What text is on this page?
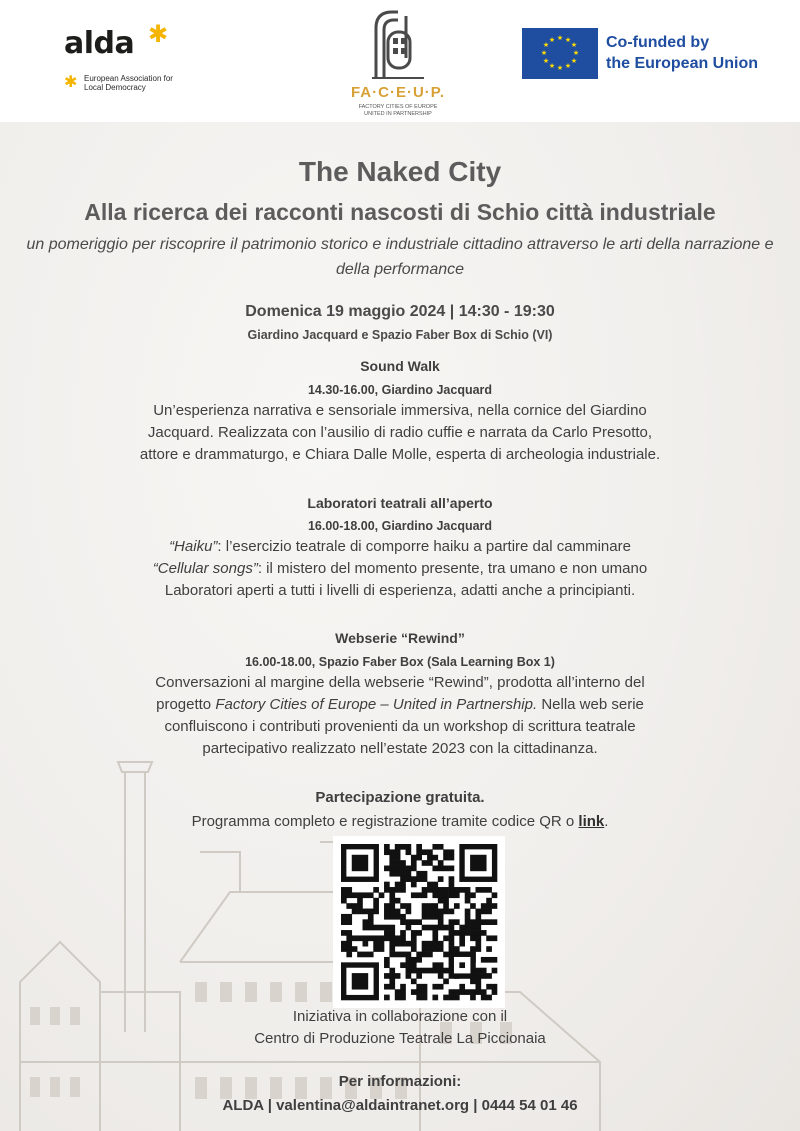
alda ✱
✱ European Association for Local Democracy	FA·C·E·U·P.
FACTORY CITIES OF EUROPE UNITED IN PARTNERSHIP
★ ★
★
★
★
★
★
★
★
★
★
★	Co-funded by
the European Union
The Naked City
Alla ricerca dei racconti nascosti di Schio città industriale
un pomeriggio per riscoprire il patrimonio storico e industriale cittadino attraverso le arti della narrazione e della performance
Domenica 19 maggio 2024 | 14:30 - 19:30
Giardino Jacquard e Spazio Faber Box di Schio (VI)
Sound Walk
14.30-16.00, Giardino Jacquard
Un’esperienza narrativa e sensoriale immersiva, nella cornice del Giardino
Jacquard. Realizzata con l’ausilio di radio cuffie e narrata da Carlo Presotto,
attore e drammaturgo, e Chiara Dalle Molle, esperta di archeologia industriale.
Laboratori teatrali all’aperto
16.00-18.00, Giardino Jacquard
“Haiku”: l’esercizio teatrale di comporre haiku a partire dal camminare
“Cellular songs”: il mistero del momento presente, tra umano e non umano
Laboratori aperti a tutti i livelli di esperienza, adatti anche a principianti.
Webserie “Rewind”
16.00-18.00, Spazio Faber Box (Sala Learning Box 1)
Conversazioni al margine della webserie “Rewind”, prodotta all’interno del
progetto Factory Cities of Europe – United in Partnership. Nella web serie
confluiscono i contributi provenienti da un workshop di scrittura teatrale
partecipativo realizzato nell’estate 2023 con la cittadinanza.
Partecipazione gratuita.
Programma completo e registrazione tramite codice QR o link.
Iniziativa in collaborazione con il
Centro di Produzione Teatrale La Piccionaia
Per informazioni:
ALDA | valentina@aldaintranet.org | 0444 54 01 46
